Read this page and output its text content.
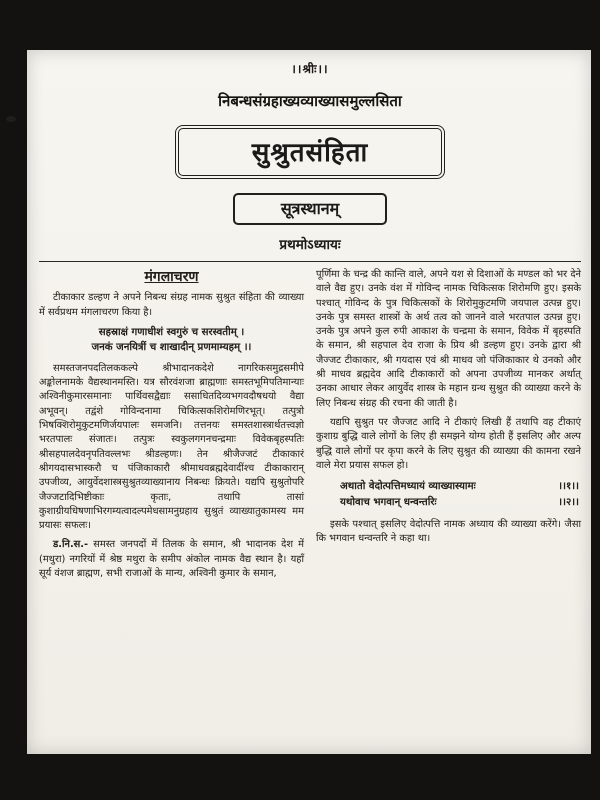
।।श्रीः।।
निबन्धसंग्रहाख्यव्याख्यासमुल्लसिता
सुश्रुतसंहिता
सूत्रस्थानम्
प्रथमोऽध्यायः
मंगलाचरण

टीकाकार डल्हण ने अपने निबन्ध संग्रह नामक सुश्रुत संहिता की व्याख्या में सर्वप्रथम मंगलाचरण किया है।

सहस्राक्षं गणाधीशं स्वगुरुं च सरस्वतीम् ।
जनकं जनयित्रीं च शाखादीन् प्रणमाम्यहम् ।।

समस्तजनपदतिलककल्पे श्रीभादानकदेशे नागरिकसमुद्रसमीपे अङ्कोलनामके वैद्यस्थानमस्ति। यत्र सौरवंशजा ब्राह्मणाः समस्तभूमिपतिमान्याः अश्विनीकुमारसमानाः पार्थिवसद्वैद्याः ससाधितदिव्यभगवदौषधयो वैद्या अभूवन्। तद्वंशे गोविन्दनामा चिकित्सकशिरोमणिरभूत्। तत्पुत्रो भिषक्शिरोमुकुटमणिर्जयपालः समजनि। तत्तनयः समस्तशास्त्रार्थतत्त्वज्ञो भरतपालः संजातः। तत्पुत्रः स्वकुलगगनचन्द्रमाः विवेकबृहस्पतिः श्रीसहपालदेवनृपतिवल्लभः श्रीडल्हणः। तेन श्रीजैज्जटं टीकाकारं श्रीगयदासभास्करौ च पंजिकाकारौ श्रीमाधवब्रह्मदेवादींश्च टीकाकारान् उपजीव्य, आयुर्वेदशास्त्रसुश्रुतव्याख्यानाय निबन्धः क्रियते। यद्यपि सुश्रुतोपरि जैज्जटादिभिष्टीकाः कृताः, तथापि तासां कुशाग्रीयधिषणाभिरगम्यत्वादल्पमेधसामनुग्रहाय सुश्रुतं व्याख्यातुकामस्य मम प्रयासः सफलः।

ड.नि.स.- समस्त जनपदों में तिलक के समान, श्री भादानक देश में (मथुरा) नगरियों में श्रेष्ठ मथुरा के समीप अंकोल नामक वैद्य स्थान है। यहाँ सूर्य वंशज ब्राह्मण, सभी राजाओं के मान्य, अश्विनी कुमार के समान,

पूर्णिमा के चन्द्र की कान्ति वाले, अपने यश से दिशाओं के मण्डल को भर देने वाले वैद्य हुए। उनके वंश में गोविन्द नामक चिकित्सक शिरोमणि हुए। इसके पश्चात् गोविन्द के पुत्र चिकित्सकों के शिरोमुकुटमणि जयपाल उत्पन्न हुए। उनके पुत्र समस्त शास्त्रों के अर्थ तत्व को जानने वाले भरतपाल उत्पन्न हुए। उनके पुत्र अपने कुल रुपी आकाश के चन्द्रमा के समान, विवेक में बृहस्पति के समान, श्री सहपाल देव राजा के प्रिय श्री डल्हण हुए। उनके द्वारा श्री जैज्जट टीकाकार, श्री गयदास एवं श्री माधव जो पंजिकाकार थे उनको और श्री माधव ब्रह्मदेव आदि टीकाकारों को अपना उपजीव्य मानकर अर्थात् उनका आधार लेकर आयुर्वेद शास्त्र के महान ग्रन्थ सुश्रुत की व्याख्या करने के लिए निबन्ध संग्रह की रचना की जाती है।

यद्यपि सुश्रुत पर जैज्जट आदि ने टीकाएं लिखी हैं तथापि वह टीकाएं कुशाग्र बुद्धि वाले लोगों के लिए ही समझने योग्य होती हैं इसलिए और अल्प बुद्धि वाले लोगों पर कृपा करने के लिए सुश्रुत की व्याख्या की कामना रखने वाले मेरा प्रयास सफल हो।

अथातो वेदोत्पत्तिमध्यायं व्याख्यास्यामः	।।१।।
यथोवाच भगवान् धन्वन्तरिः	।।२।।

इसके पश्चात् इसलिए वेदोत्पत्ति नामक अध्याय की व्याख्या करेंगे। जैसा कि भगवान धन्वन्तरि ने कहा था।
